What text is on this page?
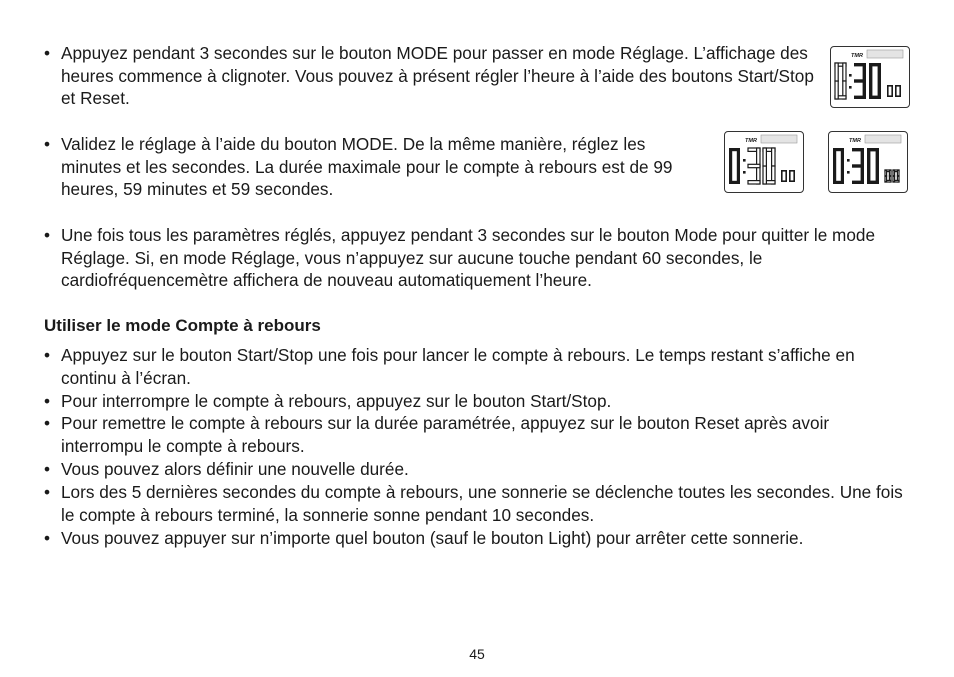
• Appuyez pendant 3 secondes sur le bouton MODE pour passer en mode Réglage. L’affichage des heures commence à clignoter. Vous pouvez à présent régler l’heure à l’aide des boutons Start/Stop et Reset.

• Validez le réglage à l’aide du bouton MODE. De la même manière, réglez les minutes et les secondes. La durée maximale pour le compte à rebours est de 99 heures, 59 minutes et 59 secondes.

• Une fois tous les paramètres réglés, appuyez pendant 3 secondes sur le bouton Mode pour quitter le mode Réglage. Si, en mode Réglage, vous n’appuyez sur aucune touche pendant 60 secondes, le cardiofréquencemètre affichera de nouveau automatiquement l’heure.

Utiliser le mode Compte à rebours

• Appuyez sur le bouton Start/Stop une fois pour lancer le compte à rebours. Le temps restant s’affiche en continu à l’écran.

• Pour interrompre le compte à rebours, appuyez sur le bouton Start/Stop.

• Pour remettre le compte à rebours sur la durée paramétrée, appuyez sur le bouton Reset après avoir interrompu le compte à rebours.

• Vous pouvez alors définir une nouvelle durée.

• Lors des 5 dernières secondes du compte à rebours, une sonnerie se déclenche toutes les secondes. Une fois le compte à rebours terminé, la sonnerie sonne pendant 10 secondes.

• Vous pouvez appuyer sur n’importe quel bouton (sauf le bouton Light) pour arrêter cette sonnerie.

TMR
TMR	TMR
45
